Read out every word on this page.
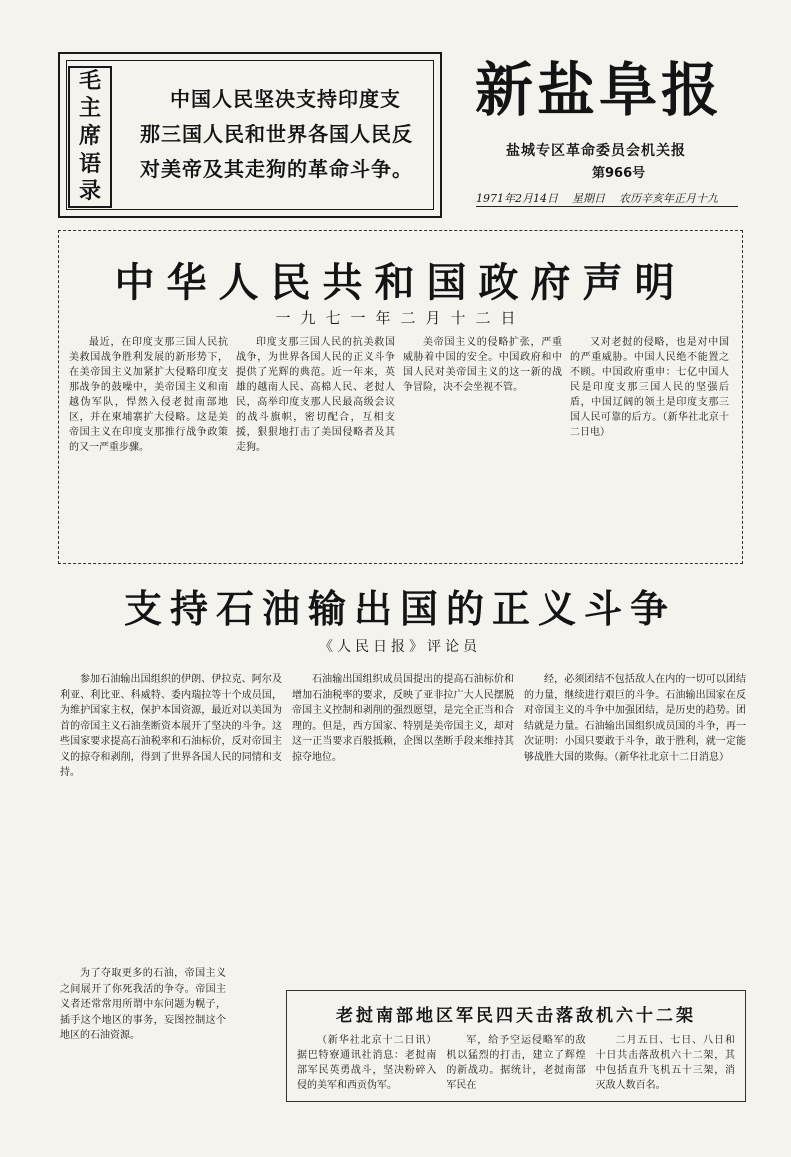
毛
主
席
语
录
中国人民坚决支持印度支
那三国人民和世界各国人民反
对美帝及其走狗的革命斗争。
新盐阜报
盐城专区革命委员会机关报
第966号
1971年2月14日 星期日 农历辛亥年正月十九
中华人民共和国政府声明
一九七一年二月十二日
最近，在印度支那三国人民抗美救国战争胜利发展的新形势下，在美帝国主义加紧扩大侵略印度支那战争的鼓噪中，美帝国主义和南越伪军队，悍然入侵老挝南部地区，并在柬埔寨扩大侵略。这是美帝国主义在印度支那推行战争政策的又一严重步骤。
印度支那三国人民的抗美救国战争，为世界各国人民的正义斗争提供了光辉的典范。近一年来，英雄的越南人民、高棉人民、老挝人民，高举印度支那人民最高级会议的战斗旗帜，密切配合，互相支援，狠狠地打击了美国侵略者及其走狗。
美帝国主义的侵略扩张，严重威胁着中国的安全。中国政府和中国人民对美帝国主义的这一新的战争冒险，决不会坐视不管。
又对老挝的侵略，也是对中国的严重威胁。中国人民绝不能置之不顾。中国政府重申：七亿中国人民是印度支那三国人民的坚强后盾，中国辽阔的领土是印度支那三国人民可靠的后方。（新华社北京十二日电）
支持石油输出国的正义斗争
《人民日报》评论员
参加石油输出国组织的伊朗、伊拉克、阿尔及利亚、利比亚、科威特、委内瑞拉等十个成员国，为维护国家主权，保护本国资源，最近对以美国为首的帝国主义石油垄断资本展开了坚决的斗争。这些国家要求提高石油税率和石油标价，反对帝国主义的掠夺和剥削，得到了世界各国人民的同情和支持。
石油输出国组织成员国提出的提高石油标价和增加石油税率的要求，反映了亚非拉广大人民摆脱帝国主义控制和剥削的强烈愿望，是完全正当和合理的。但是，西方国家、特别是美帝国主义，却对这一正当要求百般抵赖，企图以垄断手段来维持其掠夺地位。
经，必须团结不包括敌人在内的一切可以团结的力量，继续进行艰巨的斗争。石油输出国家在反对帝国主义的斗争中加强团结，是历史的趋势。团结就是力量。石油输出国组织成员国的斗争，再一次证明：小国只要敢于斗争，敢于胜利，就一定能够战胜大国的欺侮。（新华社北京十二日消息）
为了夺取更多的石油，帝国主义之间展开了你死我活的争夺。帝国主义者还常常用所谓中东问题为幌子，插手这个地区的事务，妄图控制这个地区的石油资源。
老挝南部地区军民四天击落敌机六十二架
（新华社北京十二日讯）据巴特寮通讯社消息：老挝南部军民英勇战斗，坚决粉碎入侵的美军和西贡伪军。
军，给予空运侵略军的敌机以猛烈的打击，建立了辉煌的新战功。据统计，老挝南部军民在
二月五日、七日、八日和十日共击落敌机六十二架，其中包括直升飞机五十三架，消灭敌人数百名。
